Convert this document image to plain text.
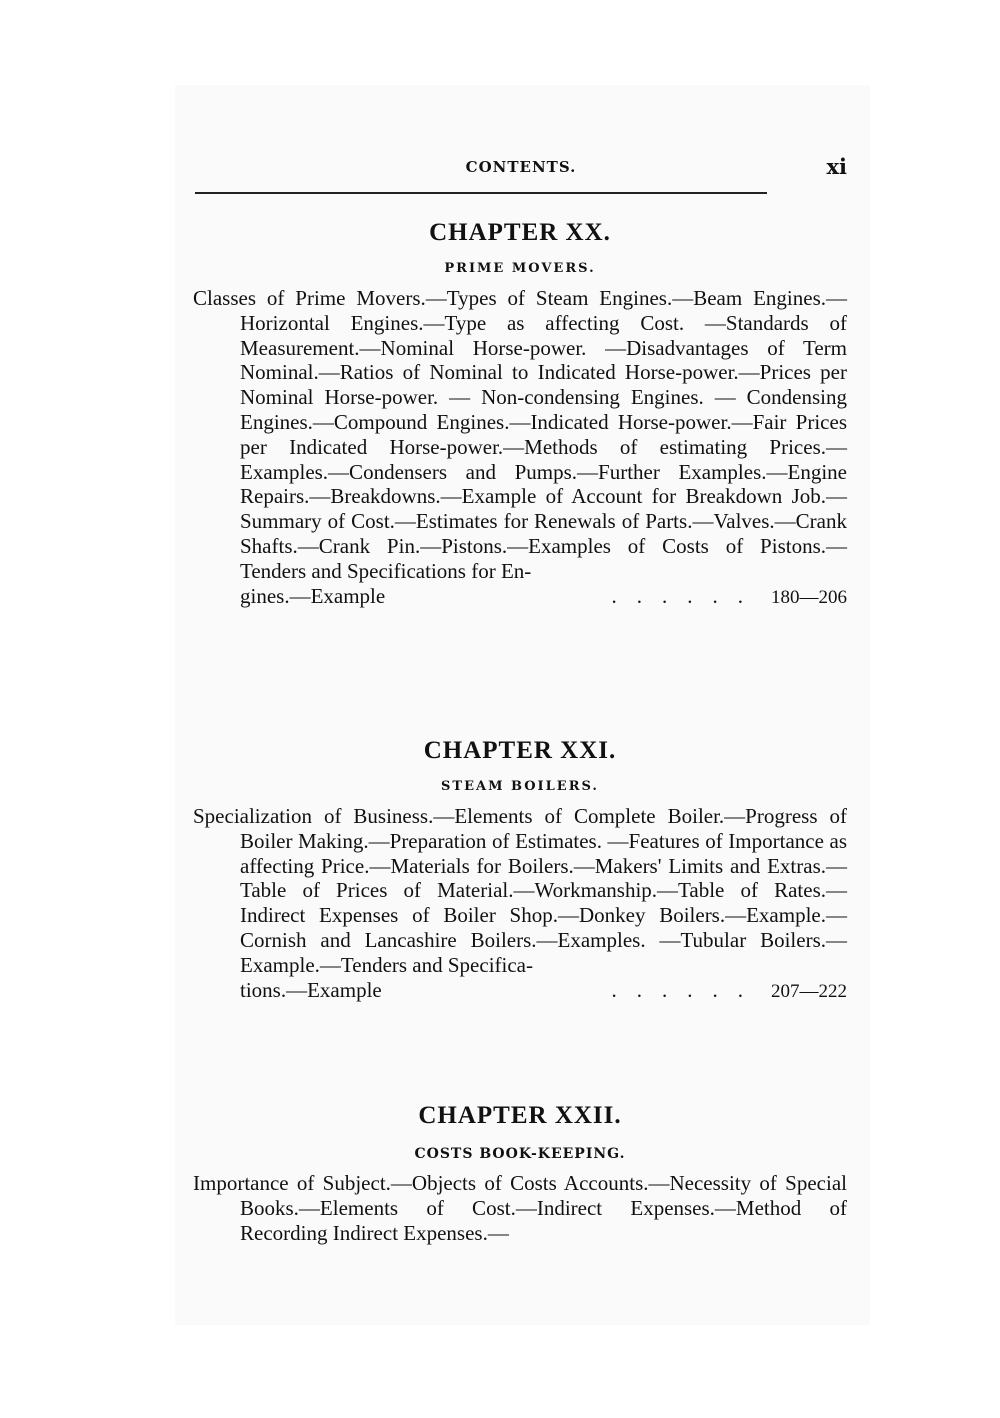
CONTENTS.	xi
CHAPTER XX.
PRIME MOVERS.

Classes of Prime Movers.—Types of Steam Engines.—Beam Engines.—Horizontal Engines.—Type as affecting Cost. —Standards of Measurement.—Nominal Horse-power. —Disadvantages of Term Nominal.—Ratios of Nominal to Indicated Horse-power.—Prices per Nominal Horse-power. — Non-condensing Engines. — Condensing Engines.—Compound Engines.—Indicated Horse-power.—Fair Prices per Indicated Horse-power.—Methods of estimating Prices.—Examples.—Condensers and Pumps.—Further Examples.—Engine Repairs.—Breakdowns.—Example of Account for Breakdown Job.—Summary of Cost.—Estimates for Renewals of Parts.—Valves.—Crank Shafts.—Crank Pin.—Pistons.—Examples of Costs of Pistons.—Tenders and Specifications for En-

gines.—Example	...... 180—206
CHAPTER XXI.
STEAM BOILERS.

Specialization of Business.—Elements of Complete Boiler.—Progress of Boiler Making.—Preparation of Estimates. —Features of Importance as affecting Price.—Materials for Boilers.—Makers' Limits and Extras.—Table of Prices of Material.—Workmanship.—Table of Rates.—Indirect Expenses of Boiler Shop.—Donkey Boilers.—Example.—Cornish and Lancashire Boilers.—Examples. —Tubular Boilers.—Example.—Tenders and Specifica-

tions.—Example	...... 207—222
CHAPTER XXII.
COSTS BOOK-KEEPING.

Importance of Subject.—Objects of Costs Accounts.—Necessity of Special Books.—Elements of Cost.—Indirect Expenses.—Method of Recording Indirect Expenses.—
